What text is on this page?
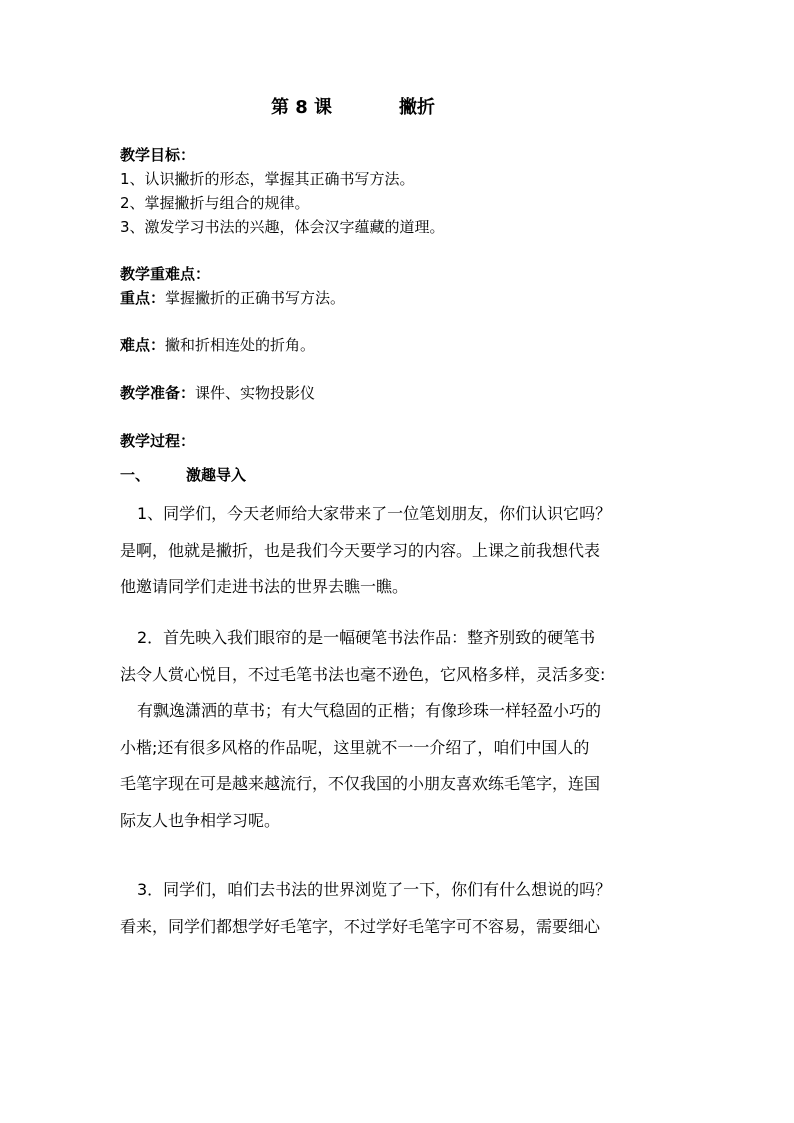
第 8 课	撇折
教学目标：
1、认识撇折的形态，掌握其正确书写方法。
2、掌握撇折与组合的规律。
3、激发学习书法的兴趣，体会汉字蕴藏的道理。
教学重难点：
重点：掌握撇折的正确书写方法。
难点：撇和折相连处的折角。
教学准备：课件、实物投影仪
教学过程：
一、 激趣导入
1、同学们，今天老师给大家带来了一位笔划朋友，你们认识它吗？
是啊，他就是撇折，也是我们今天要学习的内容。上课之前我想代表
他邀请同学们走进书法的世界去瞧一瞧。
2．首先映入我们眼帘的是一幅硬笔书法作品：整齐别致的硬笔书
法令人赏心悦目，不过毛笔书法也毫不逊色，它风格多样，灵活多变:
有飘逸潇洒的草书；有大气稳固的正楷；有像珍珠一样轻盈小巧的
小楷;还有很多风格的作品呢，这里就不一一介绍了，咱们中国人的
毛笔字现在可是越来越流行，不仅我国的小朋友喜欢练毛笔字，连国
际友人也争相学习呢。
3．同学们，咱们去书法的世界浏览了一下，你们有什么想说的吗？
看来，同学们都想学好毛笔字，不过学好毛笔字可不容易，需要细心
